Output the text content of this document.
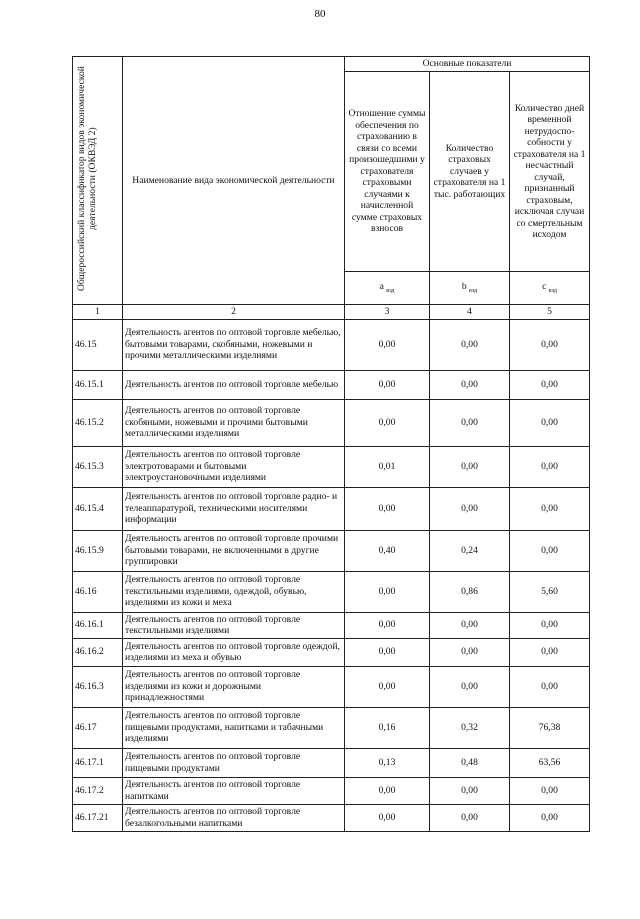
80
Общероссийский классификатор видов экономической деятельности (ОКВЭД 2)	Наименование вида экономической деятельности	Основные показатели		
		Отношение суммы обеспечения по страхованию в связи со всеми произошедшими у страхователя страховыми случаями к начисленной сумме страховых взносов	Количество страховых случаев у страхователя на 1 тыс. работающих	Количество дней временной нетрудоспо-собности у страхователя на 1 несчастный случай, признанный страховым, исключая случаи со смертельным исходом
		a $_{вэд}$	b $_{вэд}$	c $_{вэд}$
1	2	3	4	5
46.15	Деятельность агентов по оптовой торговле мебелью, бытовыми товарами, скобяными, ножевыми и прочими металлическими изделиями	0,00	0,00	0,00
46.15.1	Деятельность агентов по оптовой торговле мебелью	0,00	0,00	0,00
46.15.2	Деятельность агентов по оптовой торговле скобяными, ножевыми и прочими бытовыми металлическими изделиями	0,00	0,00	0,00
46.15.3	Деятельность агентов по оптовой торговле электротоварами и бытовыми электроустановочными изделиями	0,01	0,00	0,00
46.15.4	Деятельность агентов по оптовой торговле радио- и телеаппаратурой, техническими носителями информации	0,00	0,00	0,00
46.15.9	Деятельность агентов по оптовой торговле прочими бытовыми товарами, не включенными в другие группировки	0,40	0,24	0,00
46.16	Деятельность агентов по оптовой торговле текстильными изделиями, одеждой, обувью, изделиями из кожи и меха	0,00	0,86	5,60
46.16.1	Деятельность агентов по оптовой торговле текстильными изделиями	0,00	0,00	0,00
46.16.2	Деятельность агентов по оптовой торговле одеждой, изделиями из меха и обувью	0,00	0,00	0,00
46.16.3	Деятельность агентов по оптовой торговле изделиями из кожи и дорожными принадлежностями	0,00	0,00	0,00
46.17	Деятельность агентов по оптовой торговле пищевыми продуктами, напитками и табачными изделиями	0,16	0,32	76,38
46.17.1	Деятельность агентов по оптовой торговле пищевыми продуктами	0,13	0,48	63,56
46.17.2	Деятельность агентов по оптовой торговле напитками	0,00	0,00	0,00
46.17.21	Деятельность агентов по оптовой торговле безалкогольными напитками	0,00	0,00	0,00
